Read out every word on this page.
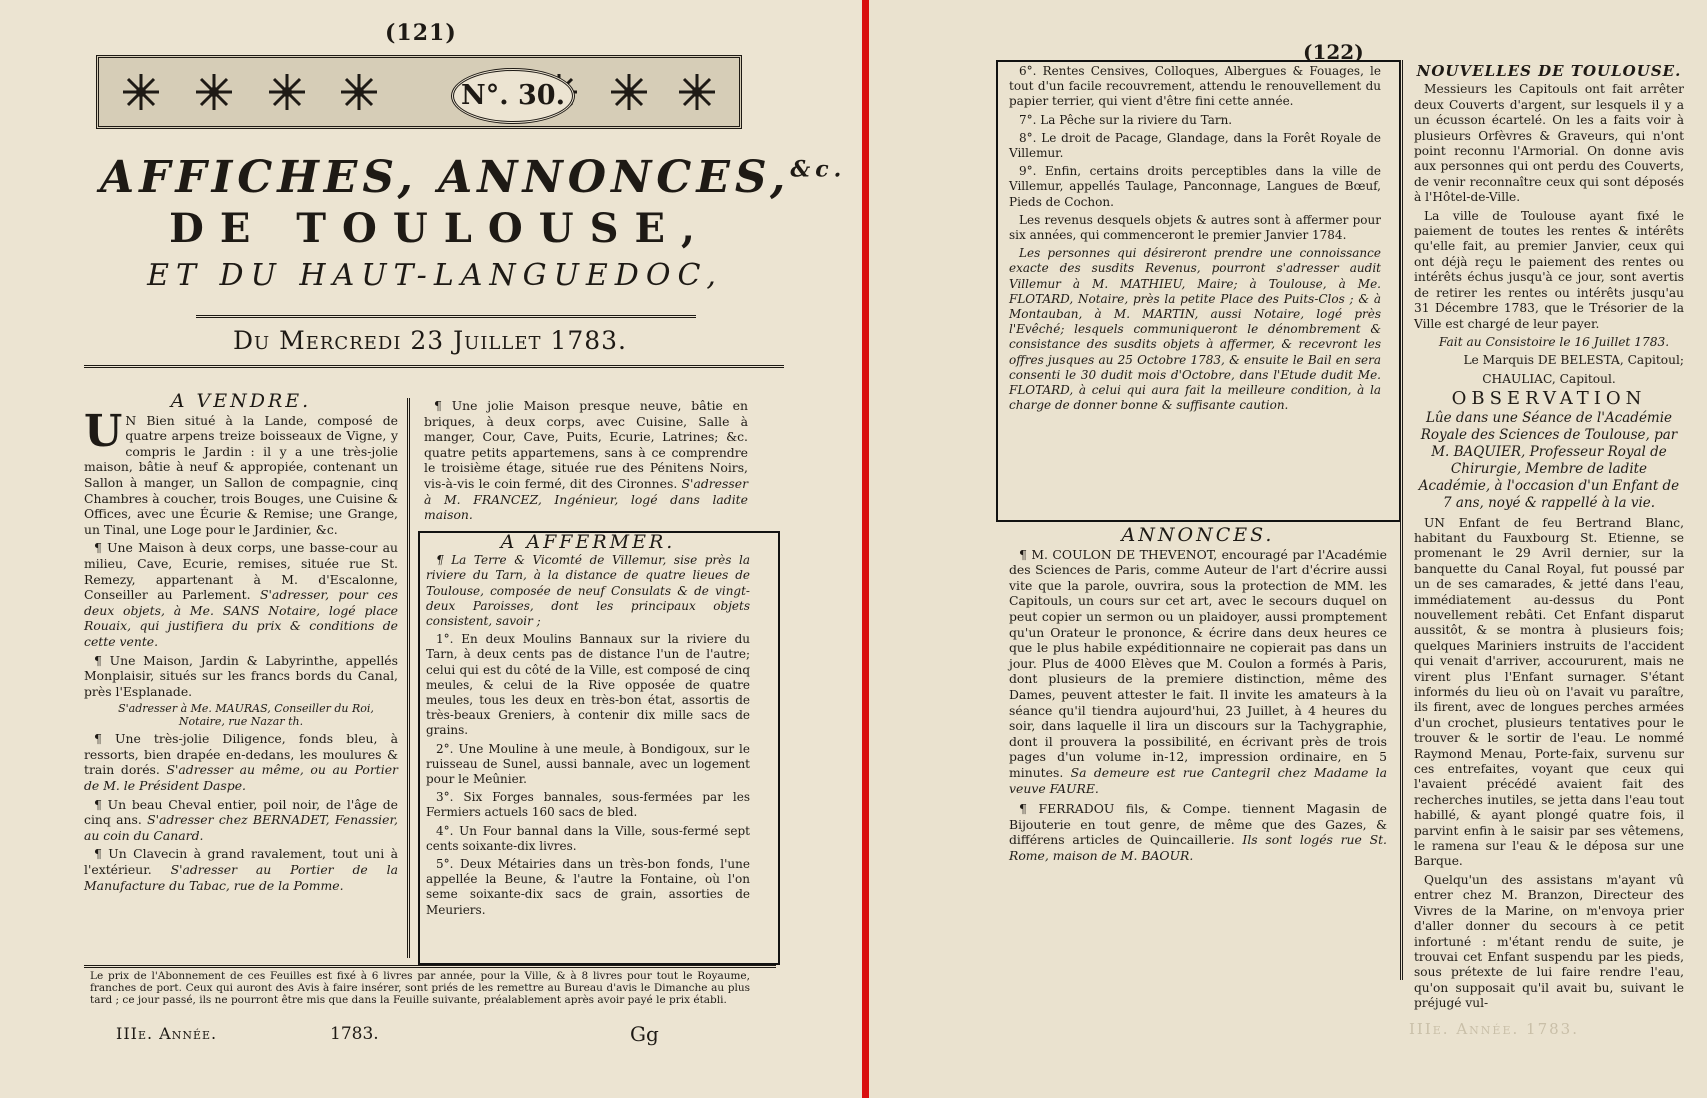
(121)
N°. 30.
AFFICHES, ANNONCES,$^{\&c.}$
DE TOULOUSE,
ET DU HAUT-LANGUEDOC,
Du Mercredi 23 Juillet 1783.

A VENDRE.

U N Bien situé à la Lande, composé de quatre arpens treize boisseaux de Vigne, y compris le Jardin : il y a une très-jolie maison, bâtie à neuf & appropiée, contenant un Sallon à manger, un Sallon de compagnie, cinq Chambres à coucher, trois Bouges, une Cuisine & Offices, avec une Écurie & Remise; une Grange, un Tinal, une Loge pour le Jardinier, &c.

¶ Une Maison à deux corps, une basse-cour au milieu, Cave, Ecurie, remises, située rue St. Remezy, appartenant à M. d'Escalonne, Conseiller au Parlement. S'adresser, pour ces deux objets, à Me. SANS Notaire, logé place Rouaix, qui justifiera du prix & conditions de cette vente.

¶ Une Maison, Jardin & Labyrinthe, appellés Monplaisir, situés sur les francs bords du Canal, près l'Esplanade.

S'adresser à Me. MAURAS, Conseiller du Roi, Notaire, rue Nazar th.

¶ Une très-jolie Diligence, fonds bleu, à ressorts, bien drapée en-dedans, les moulures & train dorés. S'adresser au même, ou au Portier de M. le Président Daspe.

¶ Un beau Cheval entier, poil noir, de l'âge de cinq ans. S'adresser chez BERNADET, Fenassier, au coin du Canard.

¶ Un Clavecin à grand ravalement, tout uni à l'extérieur. S'adresser au Portier de la Manufacture du Tabac, rue de la Pomme.

¶ Une jolie Maison presque neuve, bâtie en briques, à deux corps, avec Cuisine, Salle à manger, Cour, Cave, Puits, Ecurie, Latrines; &c. quatre petits appartemens, sans à ce comprendre le troisième étage, située rue des Pénitens Noirs, vis-à-vis le coin fermé, dit des Cironnes. S'adresser à M. FRANCEZ, Ingénieur, logé dans ladite maison.

A AFFERMER.

¶ La Terre & Vicomté de Villemur, sise près la riviere du Tarn, à la distance de quatre lieues de Toulouse, composée de neuf Consulats & de vingt-deux Paroisses, dont les principaux objets consistent, savoir ;

1°. En deux Moulins Bannaux sur la riviere du Tarn, à deux cents pas de distance l'un de l'autre; celui qui est du côté de la Ville, est composé de cinq meules, & celui de la Rive opposée de quatre meules, tous les deux en très-bon état, assortis de très-beaux Greniers, à contenir dix mille sacs de grains.

2°. Une Mouline à une meule, à Bondigoux, sur le ruisseau de Sunel, aussi bannale, avec un logement pour le Meûnier.

3°. Six Forges bannales, sous-fermées par les Fermiers actuels 160 sacs de bled.

4°. Un Four bannal dans la Ville, sous-fermé sept cents soixante-dix livres.

5°. Deux Métairies dans un très-bon fonds, l'une appellée la Beune, & l'autre la Fontaine, où l'on seme soixante-dix sacs de grain, assorties de Meuriers.

Le prix de l'Abonnement de ces Feuilles est fixé à 6 livres par année, pour la Ville, & à 8 livres pour tout le Royaume, franches de port. Ceux qui auront des Avis à faire insérer, sont priés de les remettre au Bureau d'avis le Dimanche au plus tard ; ce jour passé, ils ne pourront être mis que dans la Feuille suivante, préalablement après avoir payé le prix établi.
IIIe. Année.	1783.	Gg
(122)

6°. Rentes Censives, Colloques, Albergues & Fouages, le tout d'un facile recouvrement, attendu le renouvellement du papier terrier, qui vient d'être fini cette année.

7°. La Pêche sur la riviere du Tarn.

8°. Le droit de Pacage, Glandage, dans la Forêt Royale de Villemur.

9°. Enfin, certains droits perceptibles dans la ville de Villemur, appellés Taulage, Panconnage, Langues de Bœuf, Pieds de Cochon.

Les revenus desquels objets & autres sont à affermer pour six années, qui commenceront le premier Janvier 1784.

Les personnes qui désireront prendre une connoissance exacte des susdits Revenus, pourront s'adresser audit Villemur à M. MATHIEU, Maire; à Toulouse, à Me. FLOTARD, Notaire, près la petite Place des Puits-Clos ; & à Montauban, à M. MARTIN, aussi Notaire, logé près l'Evêché; lesquels communiqueront le dénombrement & consistance des susdits objets à affermer, & recevront les offres jusques au 25 Octobre 1783, & ensuite le Bail en sera consenti le 30 dudit mois d'Octobre, dans l'Etude dudit Me. FLOTARD, à celui qui aura fait la meilleure condition, à la charge de donner bonne & suffisante caution.

ANNONCES.

¶ M. COULON DE THEVENOT, encouragé par l'Académie des Sciences de Paris, comme Auteur de l'art d'écrire aussi vite que la parole, ouvrira, sous la protection de MM. les Capitouls, un cours sur cet art, avec le secours duquel on peut copier un sermon ou un plaidoyer, aussi promptement qu'un Orateur le prononce, & écrire dans deux heures ce que le plus habile expéditionnaire ne copierait pas dans un jour. Plus de 4000 Elèves que M. Coulon a formés à Paris, dont plusieurs de la premiere distinction, même des Dames, peuvent attester le fait. Il invite les amateurs à la séance qu'il tiendra aujourd'hui, 23 Juillet, à 4 heures du soir, dans laquelle il lira un discours sur la Tachygraphie, dont il prouvera la possibilité, en écrivant près de trois pages d'un volume in-12, impression ordinaire, en 5 minutes. Sa demeure est rue Cantegril chez Madame la veuve FAURE.

¶ FERRADOU fils, & Compe. tiennent Magasin de Bijouterie en tout genre, de même que des Gazes, & différens articles de Quincaillerie. Ils sont logés rue St. Rome, maison de M. BAOUR.

NOUVELLES DE TOULOUSE.

Messieurs les Capitouls ont fait arrêter deux Couverts d'argent, sur lesquels il y a un écusson écartelé. On les a faits voir à plusieurs Orfèvres & Graveurs, qui n'ont point reconnu l'Armorial. On donne avis aux personnes qui ont perdu des Couverts, de venir reconnaître ceux qui sont déposés à l'Hôtel-de-Ville.

La ville de Toulouse ayant fixé le paiement de toutes les rentes & intérêts qu'elle fait, au premier Janvier, ceux qui ont déjà reçu le paiement des rentes ou intérêts échus jusqu'à ce jour, sont avertis de retirer les rentes ou intérêts jusqu'au 31 Décembre 1783, que le Trésorier de la Ville est chargé de leur payer.

Fait au Consistoire le 16 Juillet 1783.

Le Marquis DE BELESTA, Capitoul;

CHAULIAC, Capitoul.

OBSERVATION

Lûe dans une Séance de l'Académie Royale des Sciences de Toulouse, par M. BAQUIER, Professeur Royal de Chirurgie, Membre de ladite Académie, à l'occasion d'un Enfant de 7 ans, noyé & rappellé à la vie.

UN Enfant de feu Bertrand Blanc, habitant du Fauxbourg St. Etienne, se promenant le 29 Avril dernier, sur la banquette du Canal Royal, fut poussé par un de ses camarades, & jetté dans l'eau, immédiatement au-dessus du Pont nouvellement rebâti. Cet Enfant disparut aussitôt, & se montra à plusieurs fois; quelques Mariniers instruits de l'accident qui venait d'arriver, accoururent, mais ne virent plus l'Enfant surnager. S'étant informés du lieu où on l'avait vu paraître, ils firent, avec de longues perches armées d'un crochet, plusieurs tentatives pour le trouver & le sortir de l'eau. Le nommé Raymond Menau, Porte-faix, survenu sur ces entrefaites, voyant que ceux qui l'avaient précédé avaient fait des recherches inutiles, se jetta dans l'eau tout habillé, & ayant plongé quatre fois, il parvint enfin à le saisir par ses vêtemens, le ramena sur l'eau & le déposa sur une Barque.

Quelqu'un des assistans m'ayant vû entrer chez M. Branzon, Directeur des Vivres de la Marine, on m'envoya prier d'aller donner du secours à ce petit infortuné : m'étant rendu de suite, je trouvai cet Enfant suspendu par les pieds, sous prétexte de lui faire rendre l'eau, qu'on supposait qu'il avait bu, suivant le préjugé vul-

IIIe. Année. 1783.
